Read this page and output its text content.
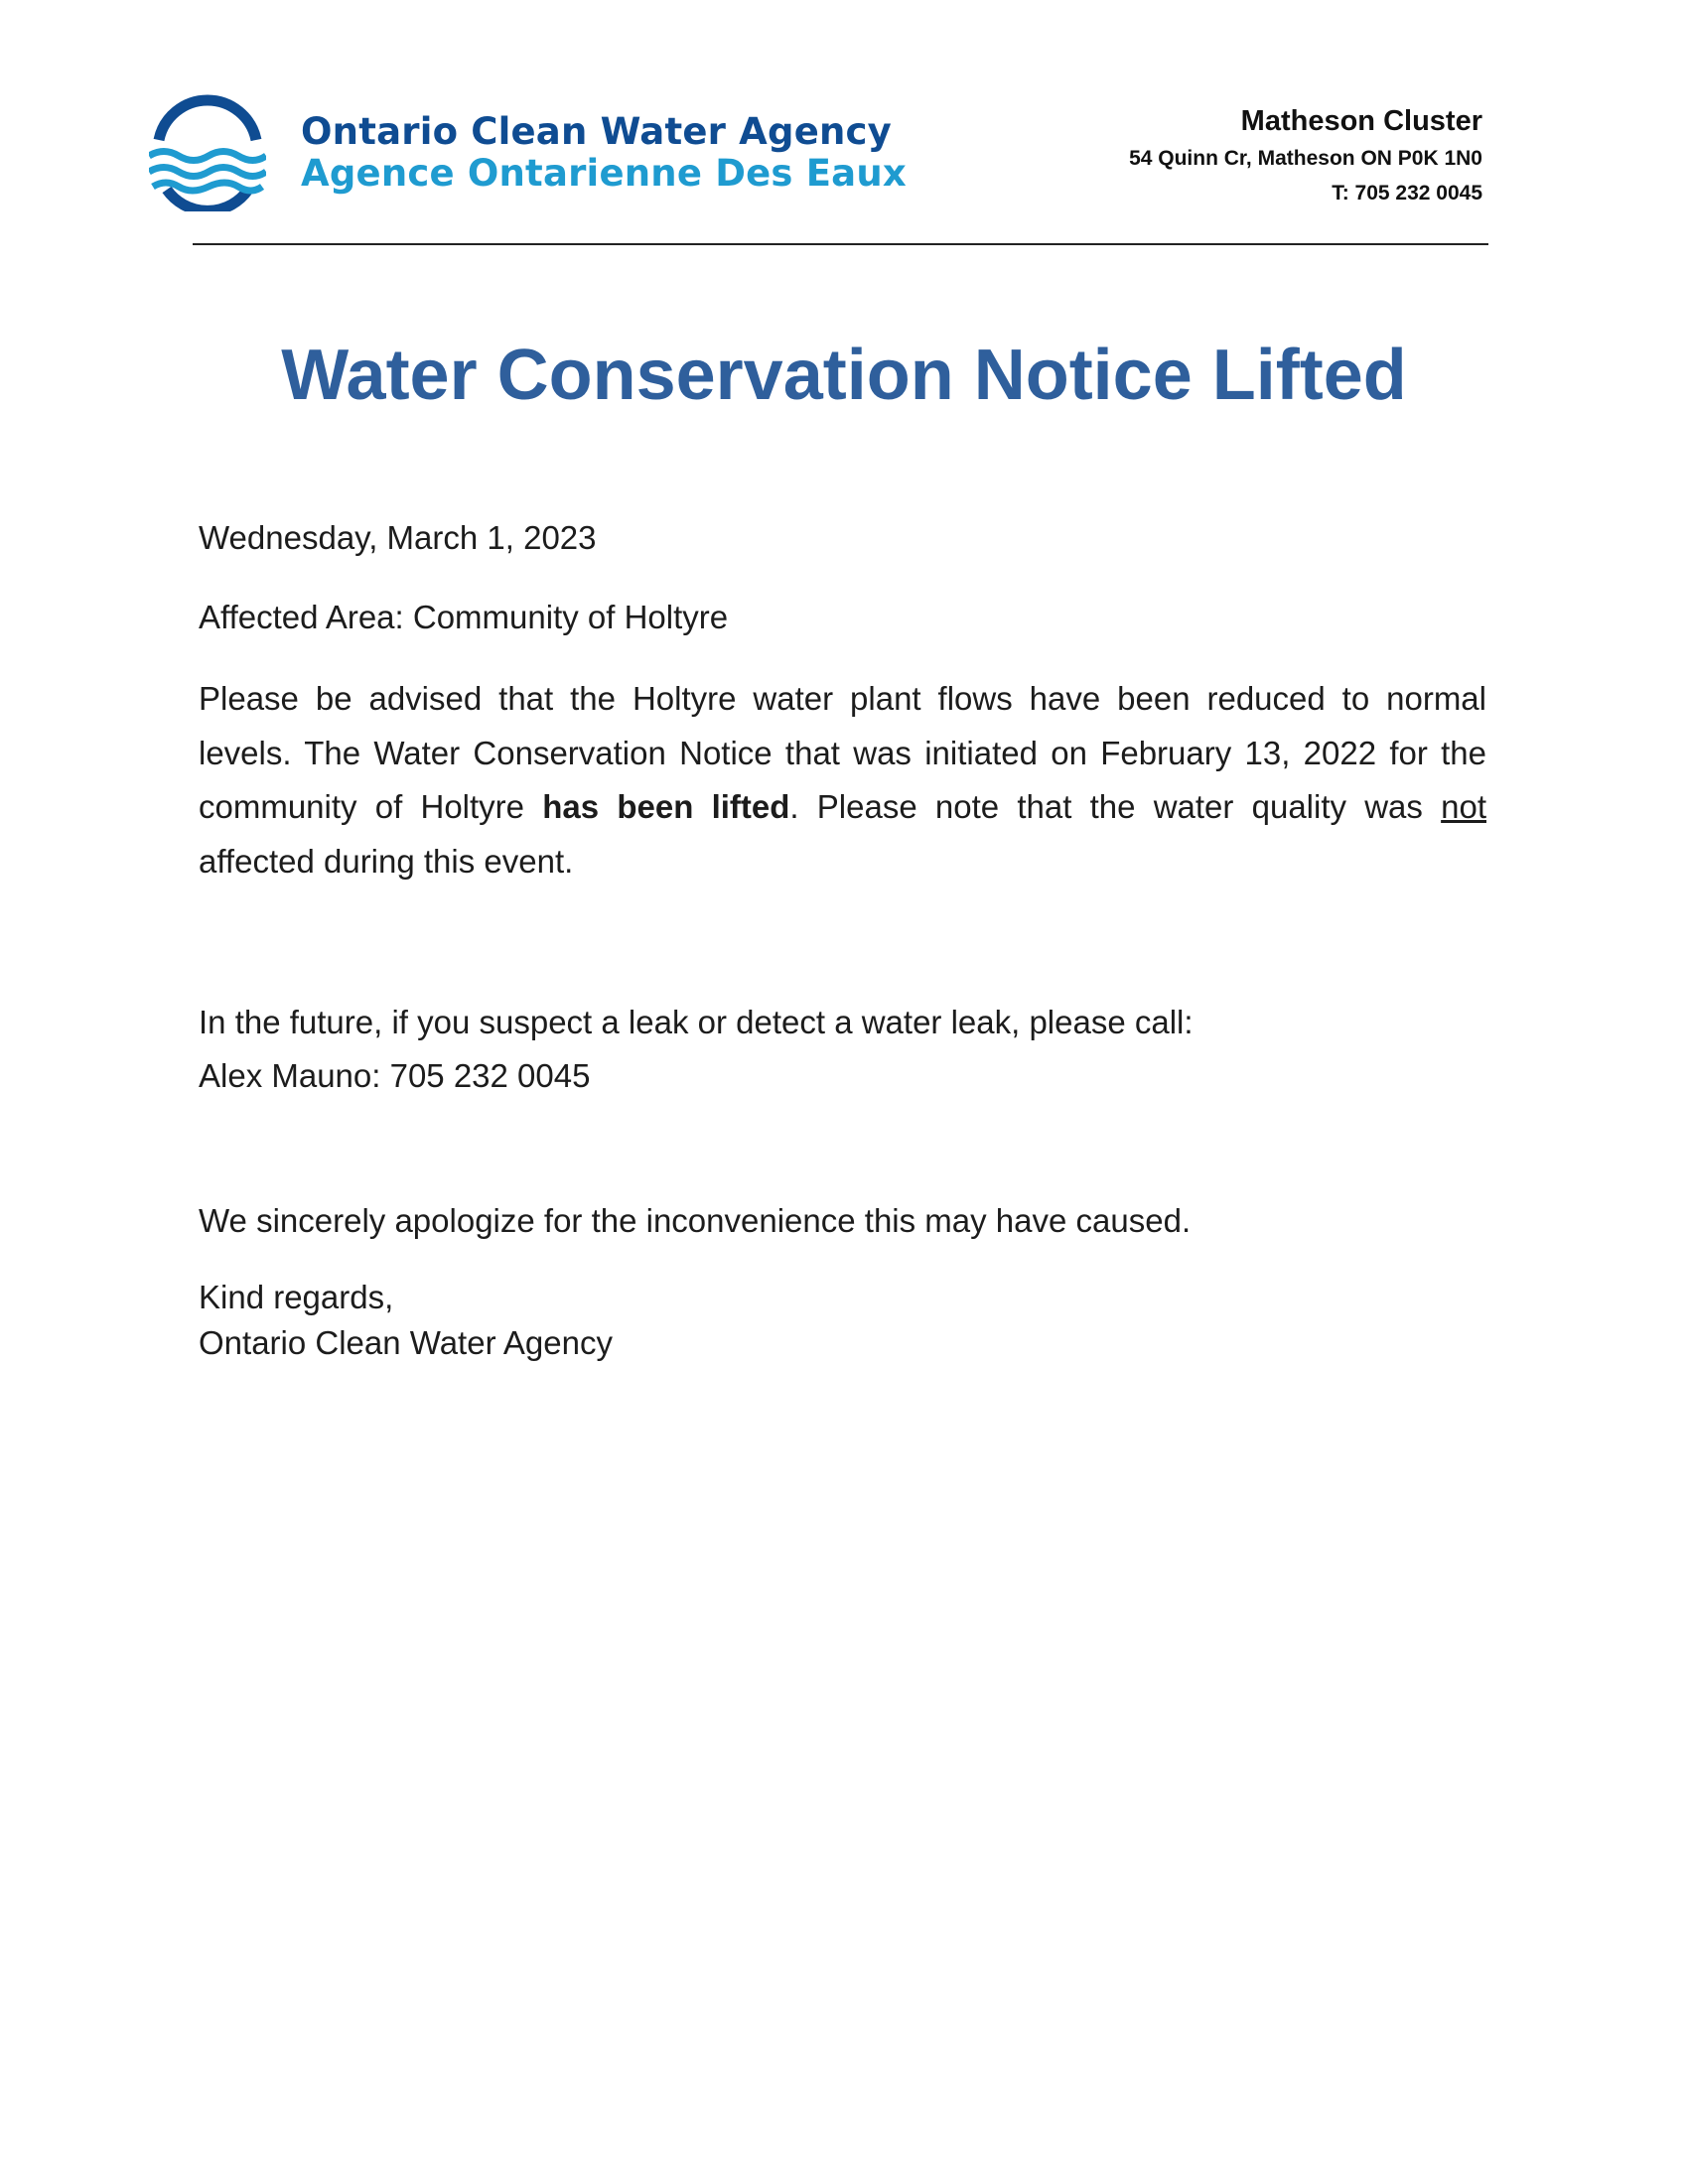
Ontario Clean Water Agency
Agence Ontarienne Des Eaux
Matheson Cluster
54 Quinn Cr, Matheson ON P0K 1N0
T: 705 232 0045
Water Conservation Notice Lifted

Wednesday, March 1, 2023

Affected Area: Community of Holtyre

Please be advised that the Holtyre water plant flows have been reduced to normal levels. The Water Conservation Notice that was initiated on February 13, 2022 for the community of Holtyre has been lifted. Please note that the water quality was not affected during this event.

In the future, if you suspect a leak or detect a water leak, please call:
Alex Mauno: 705 232 0045
We sincerely apologize for the inconvenience this may have caused.
Kind regards,
Ontario Clean Water Agency
